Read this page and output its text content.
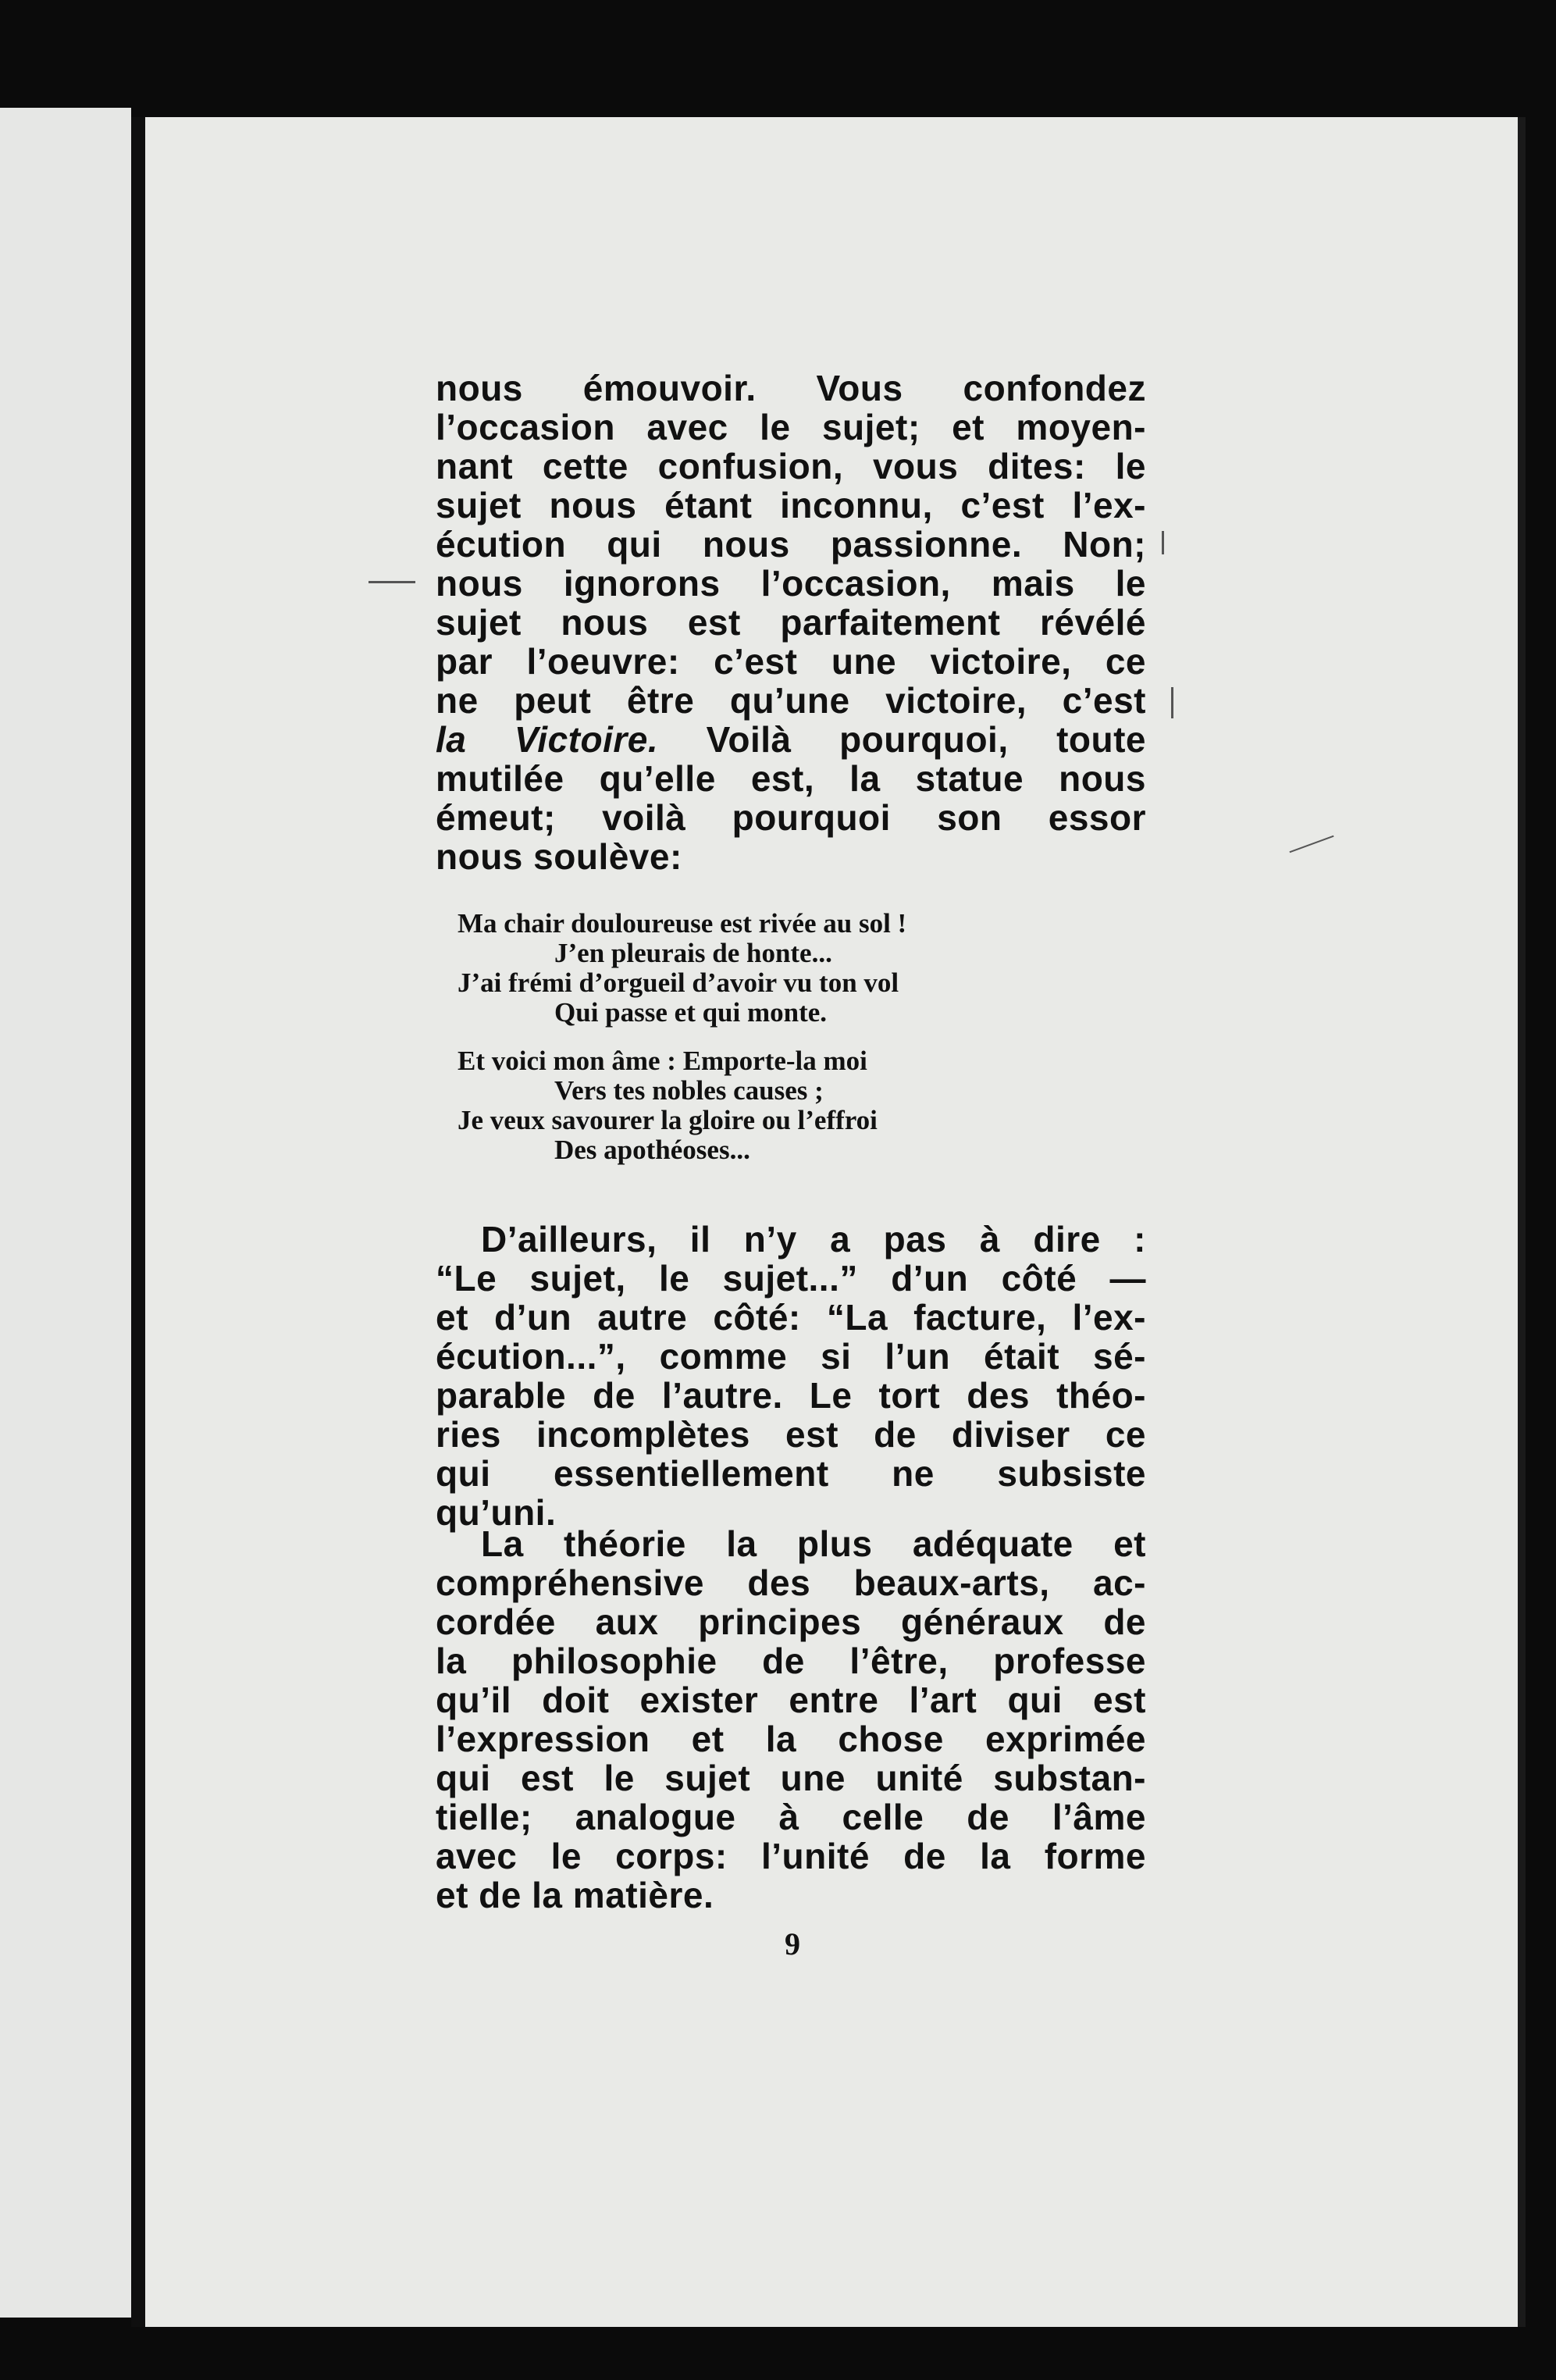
nous émouvoir. Vous confondez
l’occasion avec le sujet; et moyen-
nant cette confusion, vous dites: le
sujet nous étant inconnu, c’est l’ex-
écution qui nous passionne. Non;
nous ignorons l’occasion, mais le
sujet nous est parfaitement révélé
par l’oeuvre: c’est une victoire, ce
ne peut être qu’une victoire, c’est
la Victoire. Voilà pourquoi, toute
mutilée qu’elle est, la statue nous
émeut; voilà pourquoi son essor
nous soulève:
Ma chair douloureuse est rivée au sol !
J’en pleurais de honte...
J’ai frémi d’orgueil d’avoir vu ton vol
Qui passe et qui monte.
Et voici mon âme : Emporte-la moi
Vers tes nobles causes ;
Je veux savourer la gloire ou l’effroi
Des apothéoses...
D’ailleurs, il n’y a pas à dire :
“Le sujet, le sujet...” d’un côté —
et d’un autre côté: “La facture, l’ex-
écution...”, comme si l’un était sé-
parable de l’autre. Le tort des théo-
ries incomplètes est de diviser ce
qui essentiellement ne subsiste
qu’uni.
La théorie la plus adéquate et
compréhensive des beaux-arts, ac-
cordée aux principes généraux de
la philosophie de l’être, professe
qu’il doit exister entre l’art qui est
l’expression et la chose exprimée
qui est le sujet une unité substan-
tielle; analogue à celle de l’âme
avec le corps: l’unité de la forme
et de la matière.
9
